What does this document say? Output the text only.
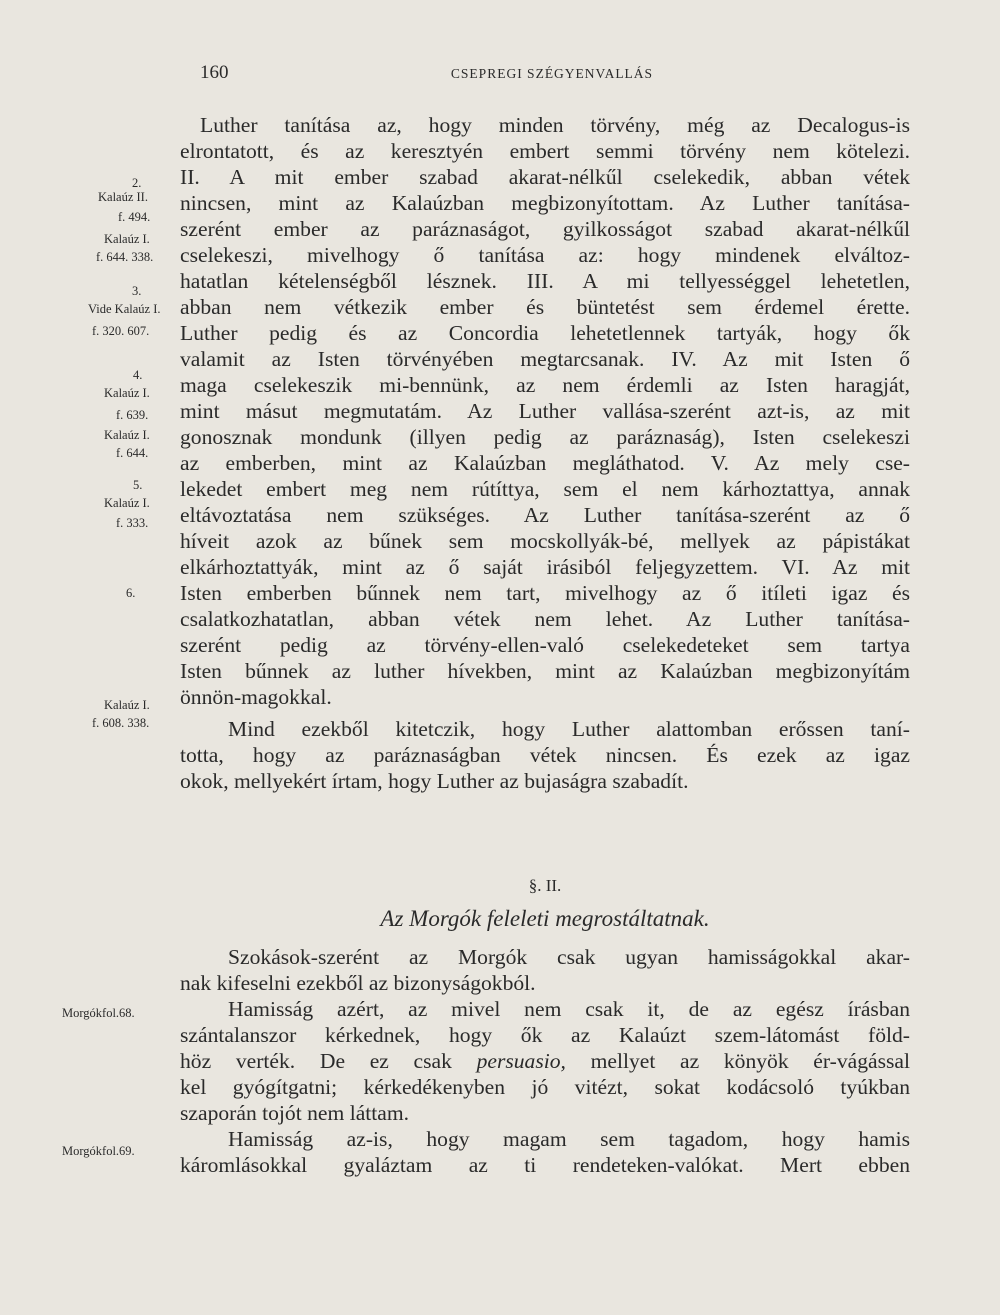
160	CSEPREGI SZÉGYENVALLÁS
2.
Kalaúz II.
f. 494.
Kalaúz I.
f. 644. 338.
3.
Vide Kalaúz I.
f. 320. 607.
4.
Kalaúz I.
f. 639.
Kalaúz I.
f. 644.
5.
Kalaúz I.
f. 333.
6.
Kalaúz I.
f. 608. 338.
Morgókfol.68.
Morgókfol.69.
Luther tanítása az, hogy minden törvény, még az Decalogus-is
elrontatott, és az keresztyén embert semmi törvény nem kötelezi.
II. A mit ember szabad akarat-nélkűl cselekedik, abban vétek
nincsen, mint az Kalaúzban megbizonyítottam. Az Luther tanítása-
szerént ember az paráznaságot, gyilkosságot szabad akarat-nélkűl
cselekeszi, mivelhogy ő tanítása az: hogy mindenek elváltoz-
hatatlan kételenségből lésznek. III. A mi tellyességgel lehetetlen,
abban nem vétkezik ember és büntetést sem érdemel érette.
Luther pedig és az Concordia lehetetlennek tartyák, hogy ők
valamit az Isten törvényében megtarcsanak. IV. Az mit Isten ő
maga cselekeszik mi-bennünk, az nem érdemli az Isten haragját,
mint másut megmutatám. Az Luther vallása-szerént azt-is, az mit
gonosznak mondunk (illyen pedig az paráznaság), Isten cselekeszi
az emberben, mint az Kalaúzban megláthatod. V. Az mely cse-
lekedet embert meg nem rútíttya, sem el nem kárhoztattya, annak
eltávoztatása nem szükséges. Az Luther tanítása-szerént az ő
híveit azok az bűnek sem mocskollyák-bé, mellyek az pápistákat
elkárhoztattyák, mint az ő saját irásiból feljegyzettem. VI. Az mit
Isten emberben bűnnek nem tart, mivelhogy az ő itíleti igaz és
csalatkozhatatlan, abban vétek nem lehet. Az Luther tanítása-
szerént pedig az törvény-ellen-való cselekedeteket sem tartya
Isten bűnnek az luther hívekben, mint az Kalaúzban megbizonyítám
önnön-magokkal.
Mind ezekből kitetczik, hogy Luther alattomban erőssen taní-
totta, hogy az paráznaságban vétek nincsen. És ezek az igaz
okok, mellyekért írtam, hogy Luther az bujaságra szabadít.
§. II.
Az Morgók feleleti megrostáltatnak.
Szokások-szerént az Morgók csak ugyan hamisságokkal akar-
nak kifeselni ezekből az bizonyságokból.
Hamisság azért, az mivel nem csak it, de az egész írásban
szántalanszor kérkednek, hogy ők az Kalaúzt szem-látomást föld-
höz verték. De ez csak persuasio, mellyet az könyök ér-vágással
kel gyógítgatni; kérkedékenyben jó vitézt, sokat kodácsoló tyúkban
szaporán tojót nem láttam.
Hamisság az-is, hogy magam sem tagadom, hogy hamis
káromlásokkal gyaláztam az ti rendeteken-valókat. Mert ebben
